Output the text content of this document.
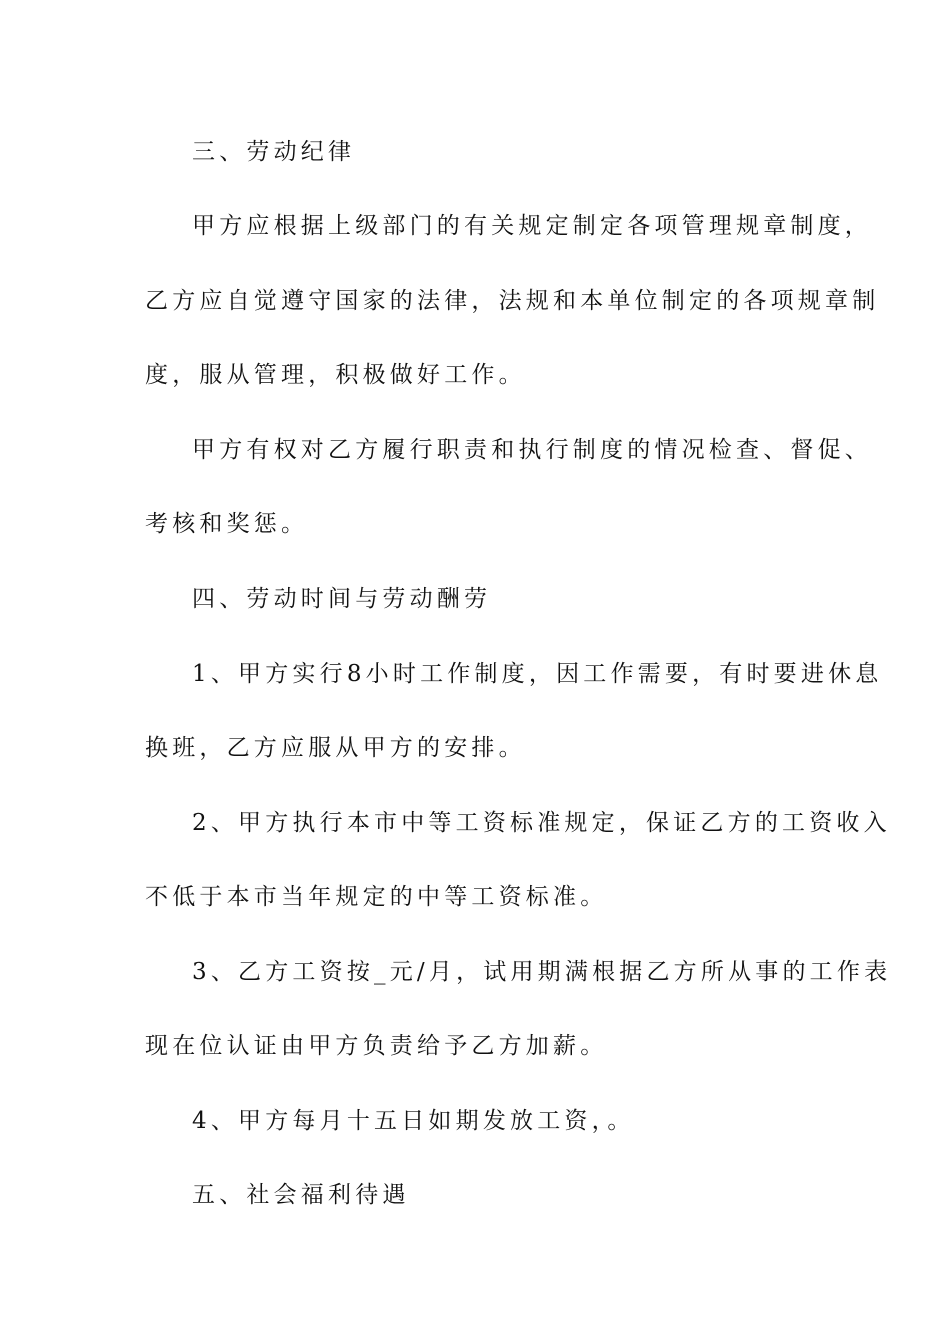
三、劳动纪律
甲方应根据上级部门的有关规定制定各项管理规章制度，
乙方应自觉遵守国家的法律，法规和本单位制定的各项规章制
度，服从管理，积极做好工作。
甲方有权对乙方履行职责和执行制度的情况检查、督促、
考核和奖惩。
四、劳动时间与劳动酬劳
1、甲方实行8小时工作制度，因工作需要，有时要进休息
换班，乙方应服从甲方的安排。
2、甲方执行本市中等工资标准规定，保证乙方的工资收入
不低于本市当年规定的中等工资标准。
3、乙方工资按_元/月，试用期满根据乙方所从事的工作表
现在位认证由甲方负责给予乙方加薪。
4、甲方每月十五日如期发放工资，。
五、社会福利待遇
